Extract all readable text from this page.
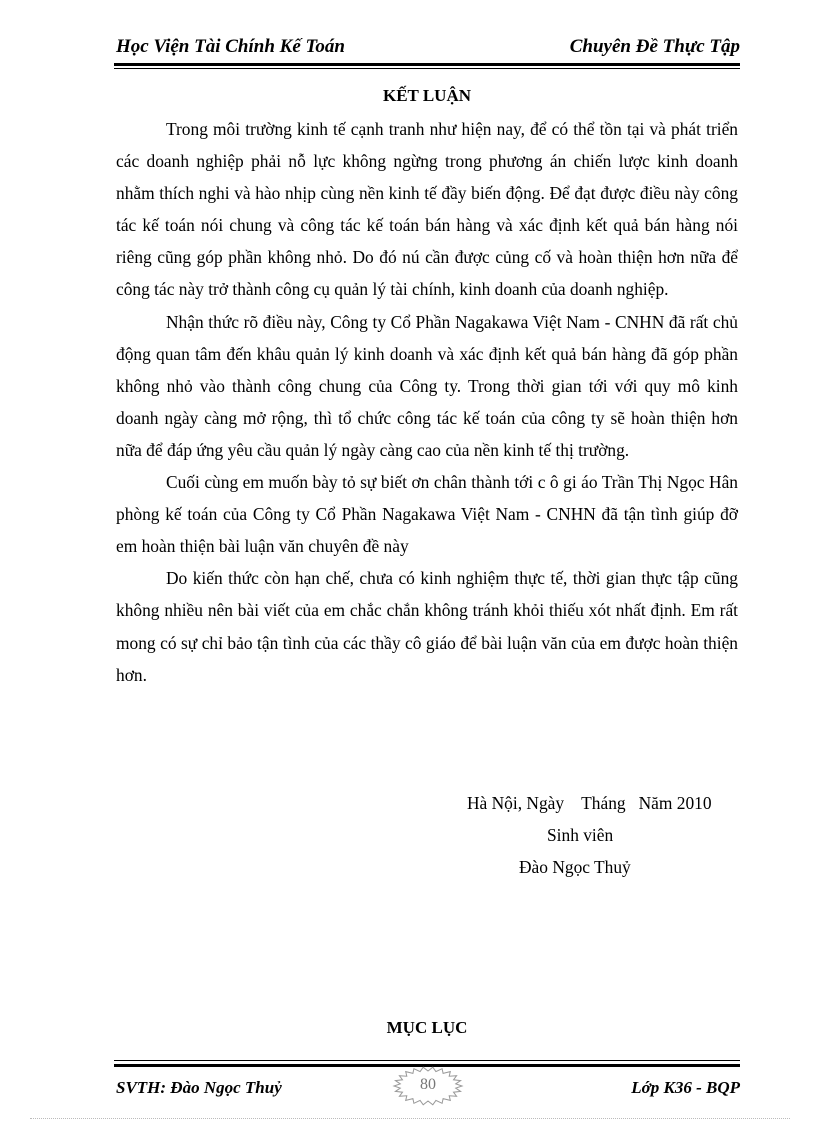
Học Viện Tài Chính Kế Toán	Chuyên Đề Thực Tập
KẾT LUẬN

Trong môi trường kinh tế cạnh tranh như hiện nay, để có thể tồn tại và phát triển các doanh nghiệp phải nỗ lực không ngừng trong phương án chiến lược kinh doanh nhằm thích nghi và hào nhịp cùng nền kinh tế đầy biến động. Để đạt được điều này công tác kế toán nói chung và công tác kế toán bán hàng và xác định kết quả bán hàng nói riêng cũng góp phần không nhỏ. Do đó nú cần được củng cố và hoàn thiện hơn nữa để công tác này trở thành công cụ quản lý tài chính, kinh doanh của doanh nghiệp.

Nhận thức rõ điều này, Công ty Cổ Phần Nagakawa Việt Nam - CNHN đã rất chủ động quan tâm đến khâu quản lý kinh doanh và xác định kết quả bán hàng đã góp phần không nhỏ vào thành công chung của Công ty. Trong thời gian tới với quy mô kinh doanh ngày càng mở rộng, thì tổ chức công tác kế toán của công ty sẽ hoàn thiện hơn nữa để đáp ứng yêu cầu quản lý ngày càng cao của nền kinh tế thị trường.

Cuối cùng em muốn bày tỏ sự biết ơn chân thành tới c ô gi áo Trần Thị Ngọc Hân phòng kế toán của Công ty Cổ Phần Nagakawa Việt Nam - CNHN đã tận tình giúp đỡ em hoàn thiện bài luận văn chuyên đề này

Do kiến thức còn hạn chế, chưa có kinh nghiệm thực tế, thời gian thực tập cũng không nhiều nên bài viết của em chắc chắn không tránh khỏi thiếu xót nhất định. Em rất mong có sự chỉ bảo tận tình của các thầy cô giáo để bài luận văn của em được hoàn thiện hơn.

Hà Nội, Ngày    Tháng   Năm 2010
Sinh viên
Đào Ngọc Thuỷ
MỤC LỤC
SVTH: Đào Ngọc Thuỷ	Lớp K36 - BQP
80
